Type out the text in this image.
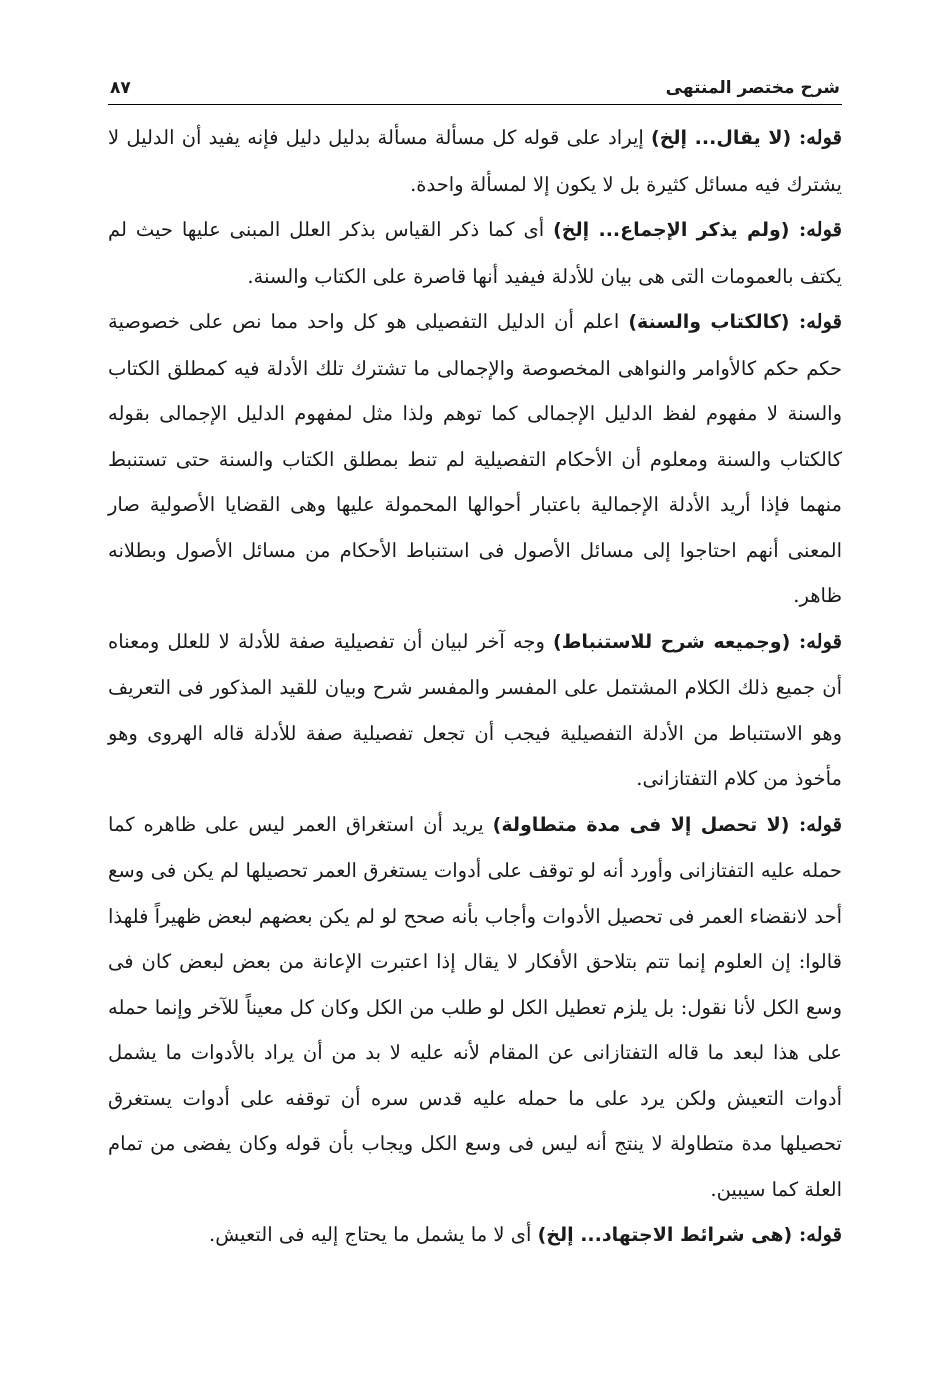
شرح مختصر المنتهى
٨٧

قوله: (لا يقال... إلخ) إيراد على قوله كل مسألة مسألة بدليل دليل فإنه يفيد أن الدليل لا يشترك فيه مسائل كثيرة بل لا يكون إلا لمسألة واحدة.

قوله: (ولم يذكر الإجماع... إلخ) أى كما ذكر القياس بذكر العلل المبنى عليها حيث لم يكتف بالعمومات التى هى بيان للأدلة فيفيد أنها قاصرة على الكتاب والسنة.

قوله: (كالكتاب والسنة) اعلم أن الدليل التفصيلى هو كل واحد مما نص على خصوصية حكم حكم كالأوامر والنواهى المخصوصة والإجمالى ما تشترك تلك الأدلة فيه كمطلق الكتاب والسنة لا مفهوم لفظ الدليل الإجمالى كما توهم ولذا مثل لمفهوم الدليل الإجمالى بقوله كالكتاب والسنة ومعلوم أن الأحكام التفصيلية لم تنط بمطلق الكتاب والسنة حتى تستنبط منهما فإذا أريد الأدلة الإجمالية باعتبار أحوالها المحمولة عليها وهى القضايا الأصولية صار المعنى أنهم احتاجوا إلى مسائل الأصول فى استنباط الأحكام من مسائل الأصول وبطلانه ظاهر.

قوله: (وجميعه شرح للاستنباط) وجه آخر لبيان أن تفصيلية صفة للأدلة لا للعلل ومعناه أن جميع ذلك الكلام المشتمل على المفسر والمفسر شرح وبيان للقيد المذكور فى التعريف وهو الاستنباط من الأدلة التفصيلية فيجب أن تجعل تفصيلية صفة للأدلة قاله الهروى وهو مأخوذ من كلام التفتازانى.

قوله: (لا تحصل إلا فى مدة متطاولة) يريد أن استغراق العمر ليس على ظاهره كما حمله عليه التفتازانى وأورد أنه لو توقف على أدوات يستغرق العمر تحصيلها لم يكن فى وسع أحد لانقضاء العمر فى تحصيل الأدوات وأجاب بأنه صحح لو لم يكن بعضهم لبعض ظهيراً فلهذا قالوا: إن العلوم إنما تتم بتلاحق الأفكار لا يقال إذا اعتبرت الإعانة من بعض لبعض كان فى وسع الكل لأنا نقول: بل يلزم تعطيل الكل لو طلب من الكل وكان كل معيناً للآخر وإنما حمله على هذا لبعد ما قاله التفتازانى عن المقام لأنه عليه لا بد من أن يراد بالأدوات ما يشمل أدوات التعيش ولكن يرد على ما حمله عليه قدس سره أن توقفه على أدوات يستغرق تحصيلها مدة متطاولة لا ينتج أنه ليس فى وسع الكل ويجاب بأن قوله وكان يفضى من تمام العلة كما سيبين.

قوله: (هى شرائط الاجتهاد... إلخ) أى لا ما يشمل ما يحتاج إليه فى التعيش.
